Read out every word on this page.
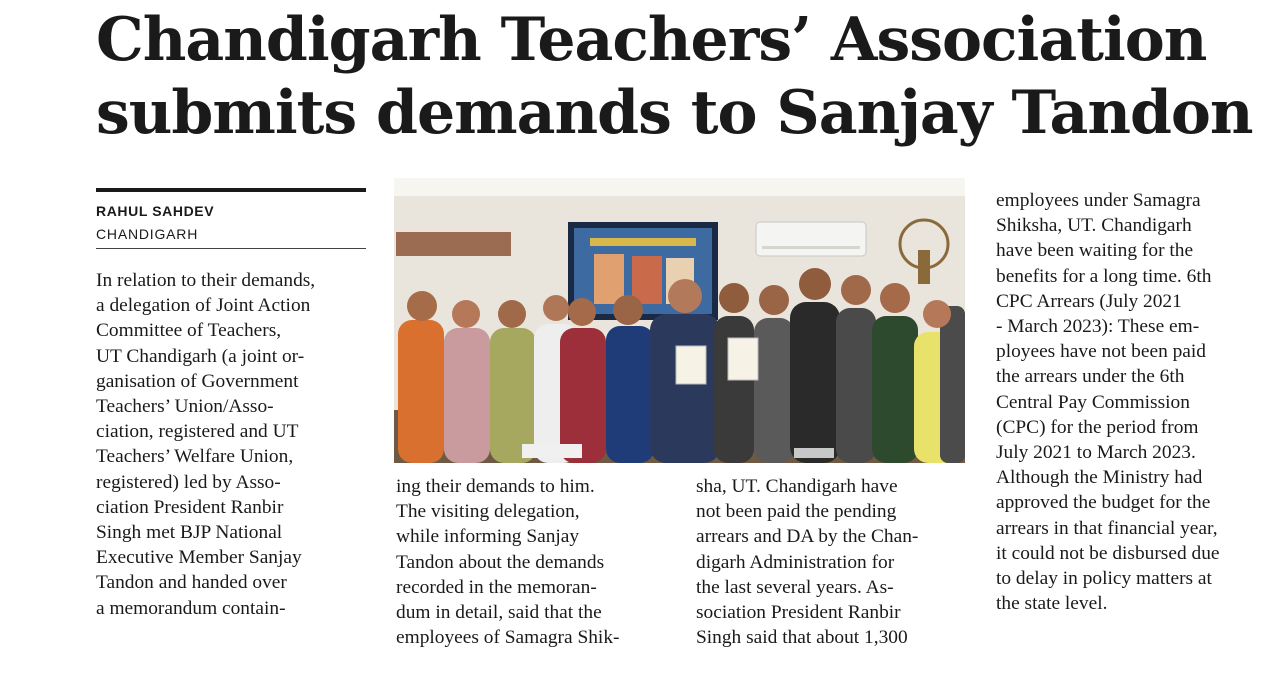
Chandigarh Teachers’ Association
submits demands to Sanjay Tandon
RAHUL SAHDEV
CHANDIGARH
In relation to their demands,
a delegation of Joint Action
Committee of Teachers,
UT Chandigarh (a joint or-
ganisation of Government
Teachers’ Union/Asso-
ciation, registered and UT
Teachers’ Welfare Union,
registered) led by Asso-
ciation President Ranbir
Singh met BJP National
Executive Member Sanjay
Tandon and handed over
a memorandum contain-
ing their demands to him.
The visiting delegation,
while informing Sanjay
Tandon about the demands
recorded in the memoran-
dum in detail, said that the
employees of Samagra Shik-
sha, UT. Chandigarh have
not been paid the pending
arrears and DA by the Chan-
digarh Administration for
the last several years. As-
sociation President Ranbir
Singh said that about 1,300
employees under Samagra
Shiksha, UT. Chandigarh
have been waiting for the
benefits for a long time. 6th
CPC Arrears (July 2021
- March 2023): These em-
ployees have not been paid
the arrears under the 6th
Central Pay Commission
(CPC) for the period from
July 2021 to March 2023.
Although the Ministry had
approved the budget for the
arrears in that financial year,
it could not be disbursed due
to delay in policy matters at
the state level.
